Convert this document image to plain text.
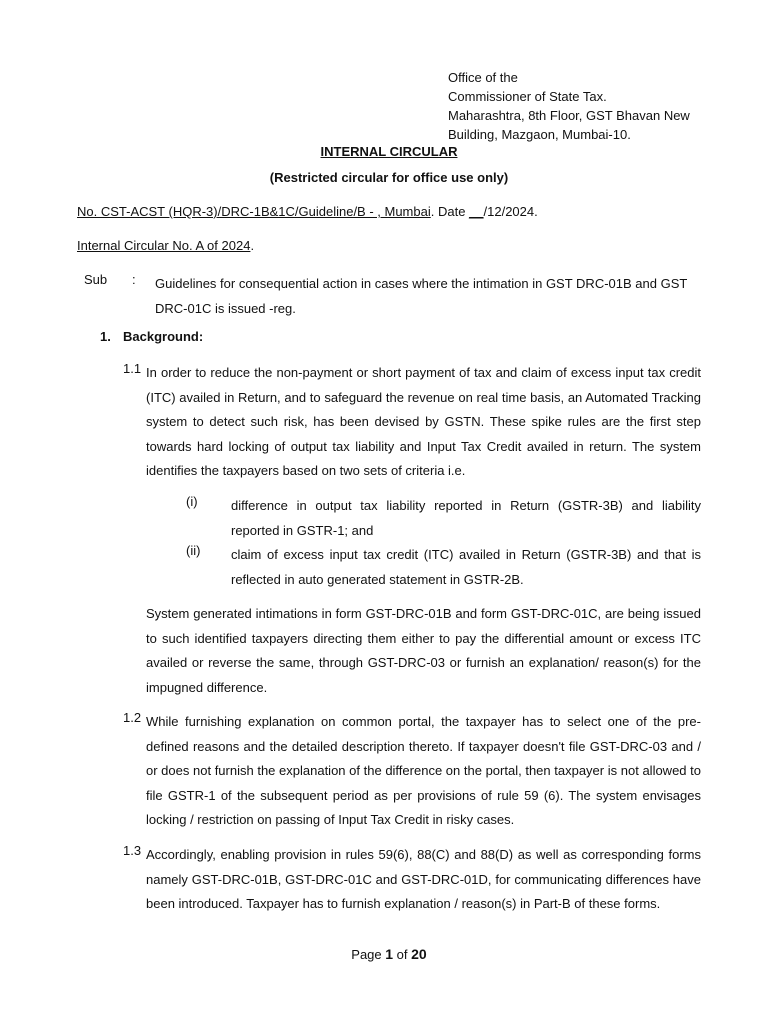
Office of the
Commissioner of State Tax.
Maharashtra, 8th Floor, GST Bhavan New
Building, Mazgaon, Mumbai-10.
INTERNAL CIRCULAR
(Restricted circular for office use only)
No. CST-ACST (HQR-3)/DRC-1B&1C/Guideline/B - , Mumbai. Date __/12/2024.
Internal Circular No. A of 2024.
Sub : Guidelines for consequential action in cases where the intimation in GST DRC-01B and GST DRC-01C is issued -reg.
1. Background:
1.1 In order to reduce the non-payment or short payment of tax and claim of excess input tax credit (ITC) availed in Return, and to safeguard the revenue on real time basis, an Automated Tracking system to detect such risk, has been devised by GSTN. These spike rules are the first step towards hard locking of output tax liability and Input Tax Credit availed in return. The system identifies the taxpayers based on two sets of criteria i.e.
(i)	difference in output tax liability reported in Return (GSTR-3B) and liability reported in GSTR-1; and
(ii) claim of excess input tax credit (ITC) availed in Return (GSTR-3B) and that is reflected in auto generated statement in GSTR-2B.
System generated intimations in form GST-DRC-01B and form GST-DRC-01C, are being issued to such identified taxpayers directing them either to pay the differential amount or excess ITC availed or reverse the same, through GST-DRC-03 or furnish an explanation/ reason(s) for the impugned difference.
1.2 While furnishing explanation on common portal, the taxpayer has to select one of the pre-defined reasons and the detailed description thereto. If taxpayer doesn't file GST-DRC-03 and / or does not furnish the explanation of the difference on the portal, then taxpayer is not allowed to file GSTR-1 of the subsequent period as per provisions of rule 59 (6). The system envisages locking / restriction on passing of Input Tax Credit in risky cases.
1.3 Accordingly, enabling provision in rules 59(6), 88(C) and 88(D) as well as corresponding forms namely GST-DRC-01B, GST-DRC-01C and GST-DRC-01D, for communicating differences have been introduced. Taxpayer has to furnish explanation / reason(s) in Part-B of these forms.
Page 1 of 20
